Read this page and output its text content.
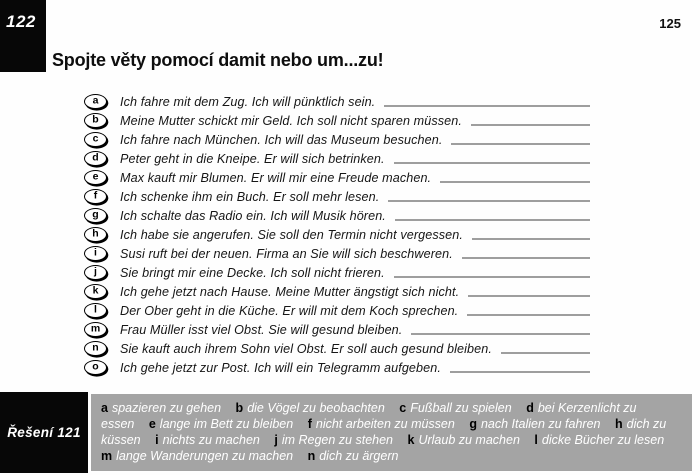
122	125
Spojte věty pomocí damit nebo um...zu!
a Ich fahre mit dem Zug. Ich will pünktlich sein.
b Meine Mutter schickt mir Geld. Ich soll nicht sparen müssen.
c Ich fahre nach München. Ich will das Museum besuchen.
d Peter geht in die Kneipe. Er will sich betrinken.
e Max kauft mir Blumen. Er will mir eine Freude machen.
f Ich schenke ihm ein Buch. Er soll mehr lesen.
g Ich schalte das Radio ein. Ich will Musik hören.
h Ich habe sie angerufen. Sie soll den Termin nicht vergessen.
i Susi ruft bei der neuen. Firma an Sie will sich beschweren.
j Sie bringt mir eine Decke. Ich soll nicht frieren.
k Ich gehe jetzt nach Hause. Meine Mutter ängstigt sich nicht.
l Der Ober geht in die Küche. Er will mit dem Koch sprechen.
m Frau Müller isst viel Obst. Sie will gesund bleiben.
n Sie kauft auch ihrem Sohn viel Obst. Er soll auch gesund bleiben.
o Ich gehe jetzt zur Post. Ich will ein Telegramm aufgeben.
Řešení 121
a spazieren zu gehen b die Vögel zu beobachten c Fußball zu spielen d bei Kerzenlicht zu essen e lange im Bett zu bleiben f nicht arbeiten zu müssen g nach Italien zu fahren h dich zu küssen i nichts zu machen j im Regen zu stehen k Urlaub zu machen l dicke Bücher zu lesen m lange Wanderungen zu machen n dich zu ärgern
